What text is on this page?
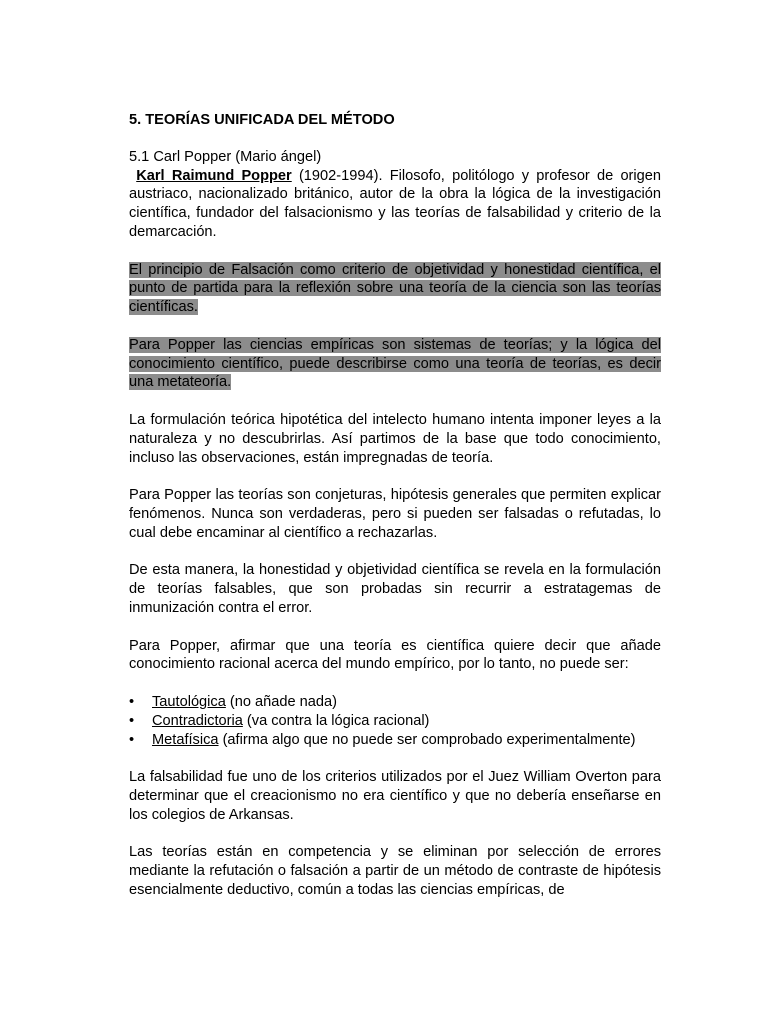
5. TEORÍAS UNIFICADA DEL MÉTODO

5.1 Carl Popper (Mario ángel)

Karl Raimund Popper (1902-1994). Filosofo, politólogo y profesor de origen austriaco, nacionalizado británico, autor de la obra la lógica de la investigación científica, fundador del falsacionismo y las teorías de falsabilidad y criterio de la demarcación.

El principio de Falsación como criterio de objetividad y honestidad científica, el punto de partida para la reflexión sobre una teoría de la ciencia son las teorías científicas.

Para Popper las ciencias empíricas son sistemas de teorías; y la lógica del conocimiento científico, puede describirse como una teoría de teorías, es decir una metateoría.

La formulación teórica hipotética del intelecto humano intenta imponer leyes a la naturaleza y no descubrirlas. Así partimos de la base que todo conocimiento, incluso las observaciones, están impregnadas de teoría.

Para Popper las teorías son conjeturas, hipótesis generales que permiten explicar fenómenos. Nunca son verdaderas, pero si pueden ser falsadas o refutadas, lo cual debe encaminar al científico a rechazarlas.

De esta manera, la honestidad y objetividad científica se revela en la formulación de teorías falsables, que son probadas sin recurrir a estratagemas de inmunización contra el error.

Para Popper, afirmar que una teoría es científica quiere decir que añade conocimiento racional acerca del mundo empírico, por lo tanto, no puede ser:

• Tautológica (no añade nada)
• Contradictoria (va contra la lógica racional)
• Metafísica (afirma algo que no puede ser comprobado experimentalmente)

La falsabilidad fue uno de los criterios utilizados por el Juez William Overton para determinar que el creacionismo no era científico y que no debería enseñarse en los colegios de Arkansas.

Las teorías están en competencia y se eliminan por selección de errores mediante la refutación o falsación a partir de un método de contraste de hipótesis esencialmente deductivo, común a todas las ciencias empíricas, de
